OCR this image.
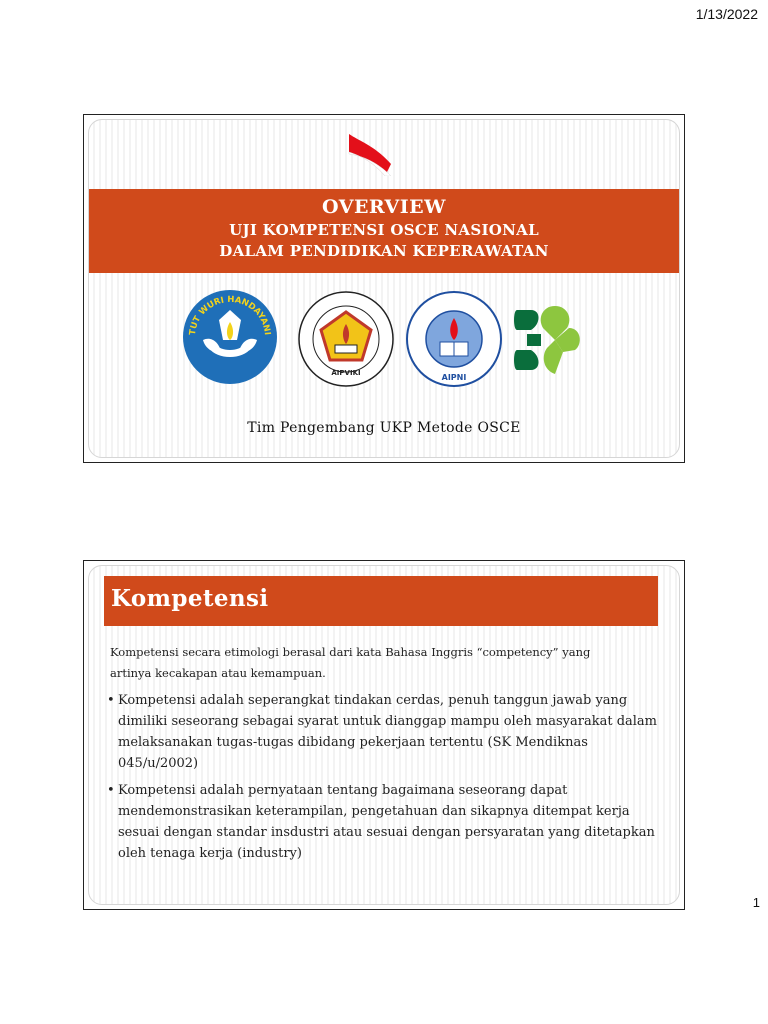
1/13/2022
OVERVIEW
UJI KOMPETENSI OSCE NASIONAL
DALAM PENDIDIKAN KEPERAWATAN
TUT WURI HANDAYANI
AIPVIKI	AIPNI
Tim Pengembang UKP Metode OSCE
Kompetensi
Kompetensi secara etimologi berasal dari kata Bahasa Inggris “competency” yang
artinya kecakapan atau kemampuan.
• Kompetensi adalah seperangkat tindakan cerdas, penuh tanggun jawab yang dimiliki seseorang sebagai syarat untuk dianggap mampu oleh masyarakat dalam melaksanakan tugas-tugas dibidang pekerjaan tertentu (SK Mendiknas 045/u/2002)
• Kompetensi adalah pernyataan tentang bagaimana seseorang dapat mendemonstrasikan keterampilan, pengetahuan dan sikapnya ditempat kerja sesuai dengan standar insdustri atau sesuai dengan persyaratan yang ditetapkan oleh tenaga kerja (industry)
1
